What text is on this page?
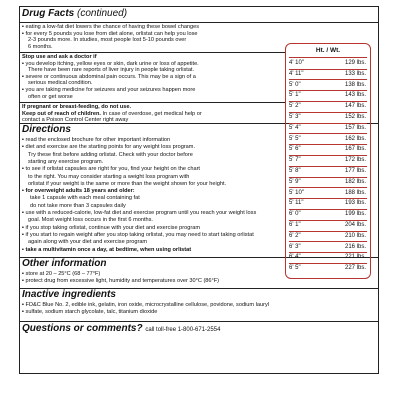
Drug Facts (continued)
▪ eating a low-fat diet lowers the chance of having these bowel changes
▪ for every 5 pounds you lose from diet alone, orlistat can help you lose
2-3 pounds more. In studies, most people lost 5-10 pounds over
6 months.
Stop use and ask a doctor if
▪ you develop itching, yellow eyes or skin, dark urine or loss of appetite.
There have been rare reports of liver injury in people taking orlistat.
▪ severe or continuous abdominal pain occurs. This may be a sign of a
serious medical condition.
▪ you are taking medicine for seizures and your seizures happen more
often or get worse
If pregnant or breast-feeding, do not use.
Keep out of reach of children. In case of overdose, get medical help or
contact a Poison Control Center right away
Directions
▪ read the enclosed brochure for other important information
▪ diet and exercise are the starting points for any weight loss program.
Try these first before adding orlistat. Check with your doctor before
starting any exercise program.
▪ to see if orlistat capsules are right for you, find your height on the chart
to the right. You may consider starting a weight loss program with
orlistat if your weight is the same or more than the weight shown for your height.
▪ for overweight adults 18 years and older:
take 1 capsule with each meal containing fat
do not take more than 3 capsules daily
▪ use with a reduced-calorie, low-fat diet and exercise program until you reach your weight loss
goal. Most weight loss occurs in the first 6 months.
▪ if you stop taking orlistat, continue with your diet and exercise program
▪ if you start to regain weight after you stop taking orlistat, you may need to start taking orlistat
again along with your diet and exercise program
▪ take a multivitamin once a day, at bedtime, when using orlistat
Other information
▪ store at 20 – 25°C (68 – 77°F)
▪ protect drug from excessive light, humidity and temperatures over 30°C (86°F)
Inactive ingredients
▪ FD&C Blue No. 2, edible ink, gelatin, iron oxide, microcrystalline cellulose, povidone, sodium lauryl
▪ sulfate, sodium starch glycolate, talc, titanium dioxide
Questions or comments? call toll-free 1-800-671-2554
Ht. / Wt.
4' 10"	129 lbs.
4' 11"	133 lbs.
5' 0"	138 lbs.
5' 1"	143 lbs.
5' 2"	147 lbs.
5' 3"	152 lbs.
5' 4"	157 lbs.
5' 5"	162 lbs.
5' 6"	167 lbs.
5' 7"	172 lbs.
5' 8"	177 lbs.
5' 9"	182 lbs.
5' 10"	188 lbs.
5' 11"	193 lbs.
6' 0"	199 lbs.
6' 1"	204 lbs.
6' 2"	210 lbs.
6' 3"	216 lbs.
6' 4"	221 lbs.
6' 5"	227 lbs.
